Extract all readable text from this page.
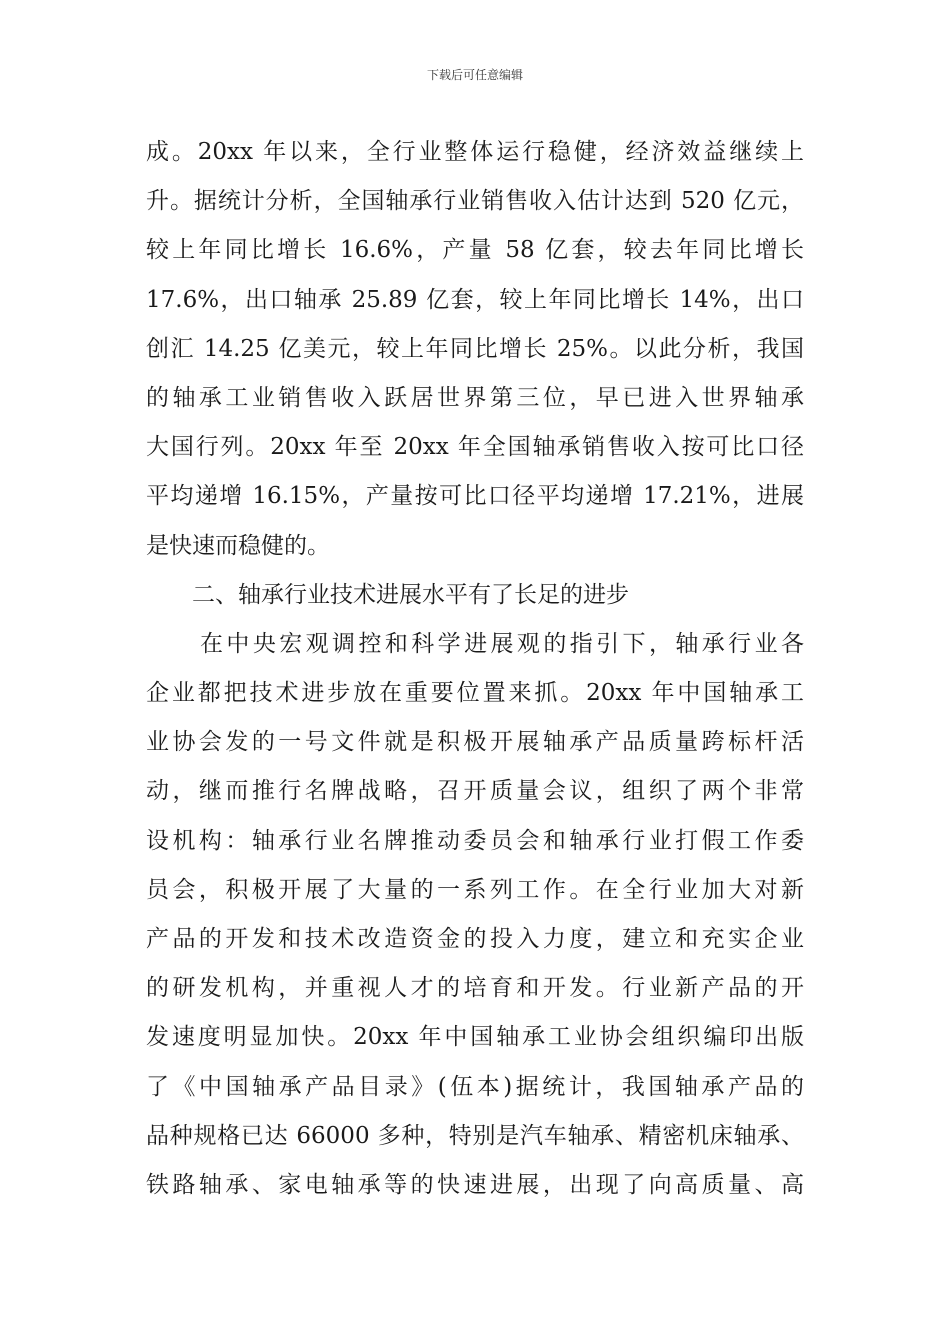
下载后可任意编辑
成。20xx 年以来，全行业整体运行稳健，经济效益继续上
升。据统计分析，全国轴承行业销售收入估计达到 520 亿元，
较上年同比增长 16.6%，产量 58 亿套，较去年同比增长
17.6%，出口轴承 25.89 亿套，较上年同比增长 14%，出口
创汇 14.25 亿美元，较上年同比增长 25%。以此分析，我国
的轴承工业销售收入跃居世界第三位，早已进入世界轴承
大国行列。20xx 年至 20xx 年全国轴承销售收入按可比口径
平均递增 16.15%，产量按可比口径平均递增 17.21%，进展
是快速而稳健的。
二、轴承行业技术进展水平有了长足的进步
在中央宏观调控和科学进展观的指引下，轴承行业各
企业都把技术进步放在重要位置来抓。20xx 年中国轴承工
业协会发的一号文件就是积极开展轴承产品质量跨标杆活
动，继而推行名牌战略，召开质量会议，组织了两个非常
设机构：轴承行业名牌推动委员会和轴承行业打假工作委
员会，积极开展了大量的一系列工作。在全行业加大对新
产品的开发和技术改造资金的投入力度，建立和充实企业
的研发机构，并重视人才的培育和开发。行业新产品的开
发速度明显加快。20xx 年中国轴承工业协会组织编印出版
了《中国轴承产品目录》(伍本)据统计，我国轴承产品的
品种规格已达 66000 多种，特别是汽车轴承、精密机床轴承、
铁路轴承、家电轴承等的快速进展，出现了向高质量、高
